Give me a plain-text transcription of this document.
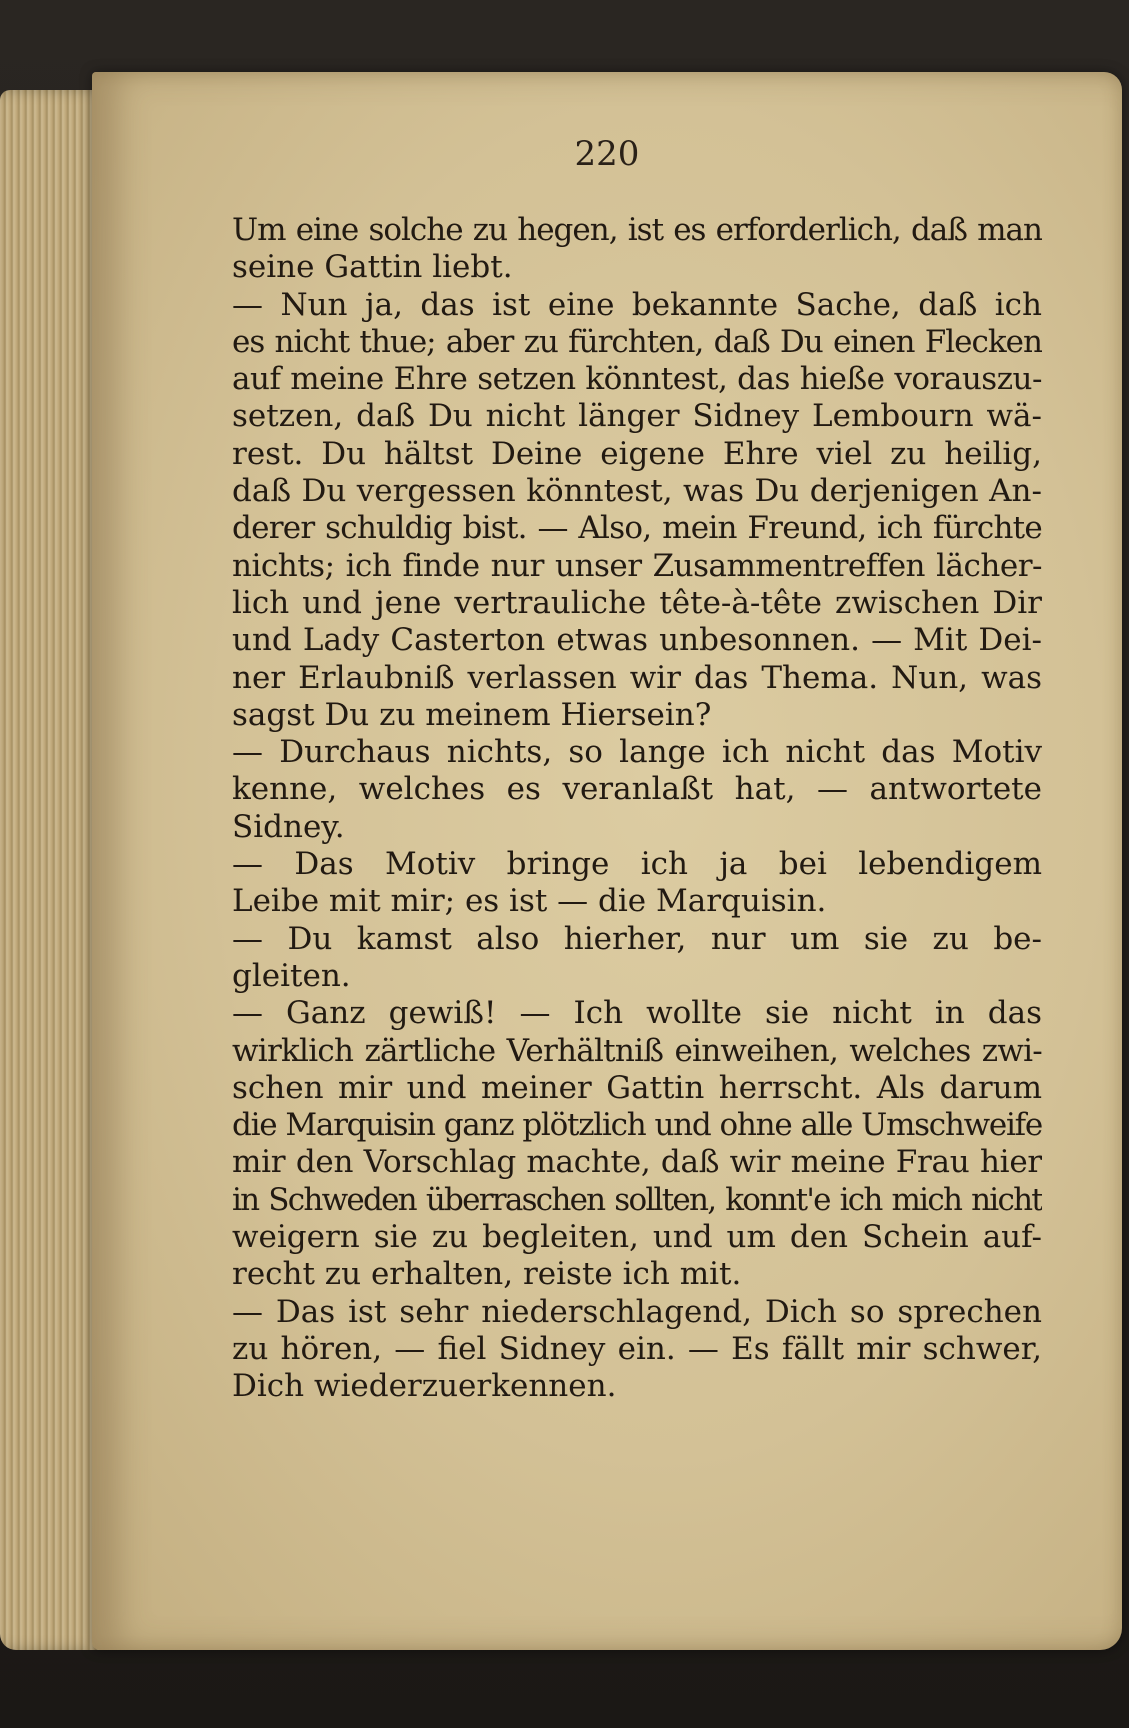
220
Um eine solche zu hegen, ist es erforderlich, daß man
seine Gattin liebt.
— Nun ja, das ist eine bekannte Sache, daß ich
es nicht thue; aber zu fürchten, daß Du einen Flecken
auf meine Ehre setzen könntest, das hieße vorauszu-
setzen, daß Du nicht länger Sidney Lembourn wä-
rest. Du hältst Deine eigene Ehre viel zu heilig,
daß Du vergessen könntest, was Du derjenigen An-
derer schuldig bist. — Also, mein Freund, ich fürchte
nichts; ich finde nur unser Zusammentreffen lächer-
lich und jene vertrauliche tête-à-tête zwischen Dir
und Lady Casterton etwas unbesonnen. — Mit Dei-
ner Erlaubniß verlassen wir das Thema. Nun, was
sagst Du zu meinem Hiersein?
— Durchaus nichts, so lange ich nicht das Motiv
kenne, welches es veranlaßt hat, — antwortete
Sidney.
— Das Motiv bringe ich ja bei lebendigem
Leibe mit mir; es ist — die Marquisin.
— Du kamst also hierher, nur um sie zu be-
gleiten.
— Ganz gewiß! — Ich wollte sie nicht in das
wirklich zärtliche Verhältniß einweihen, welches zwi-
schen mir und meiner Gattin herrscht. Als darum
die Marquisin ganz plötzlich und ohne alle Umschweife
mir den Vorschlag machte, daß wir meine Frau hier
in Schweden überraschen sollten, konnt'e ich mich nicht
weigern sie zu begleiten, und um den Schein auf-
recht zu erhalten, reiste ich mit.
— Das ist sehr niederschlagend, Dich so sprechen
zu hören, — fiel Sidney ein. — Es fällt mir schwer,
Dich wiederzuerkennen.
